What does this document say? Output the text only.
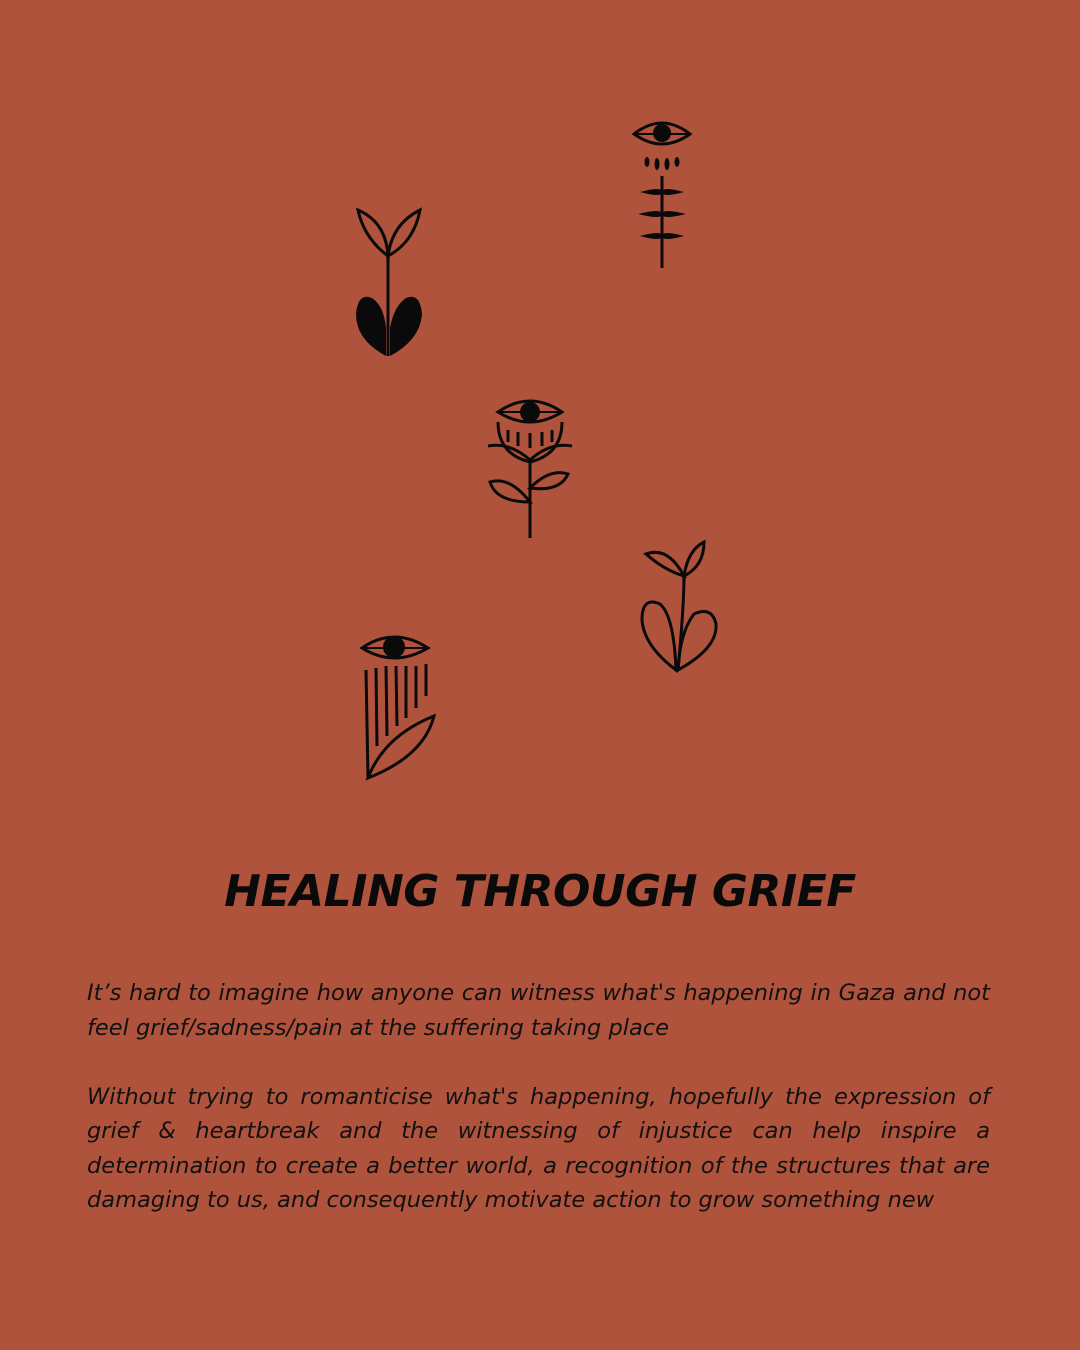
HEALING THROUGH GRIEF

It’s hard to imagine how anyone can witness what's happening in Gaza and not feel grief/sadness/pain at the suffering taking place

Without trying to romanticise what's happening, hopefully the expression of grief & heartbreak and the witnessing of injustice can help inspire a determination to create a better world, a recognition of the structures that are damaging to us, and consequently motivate action to grow something new
